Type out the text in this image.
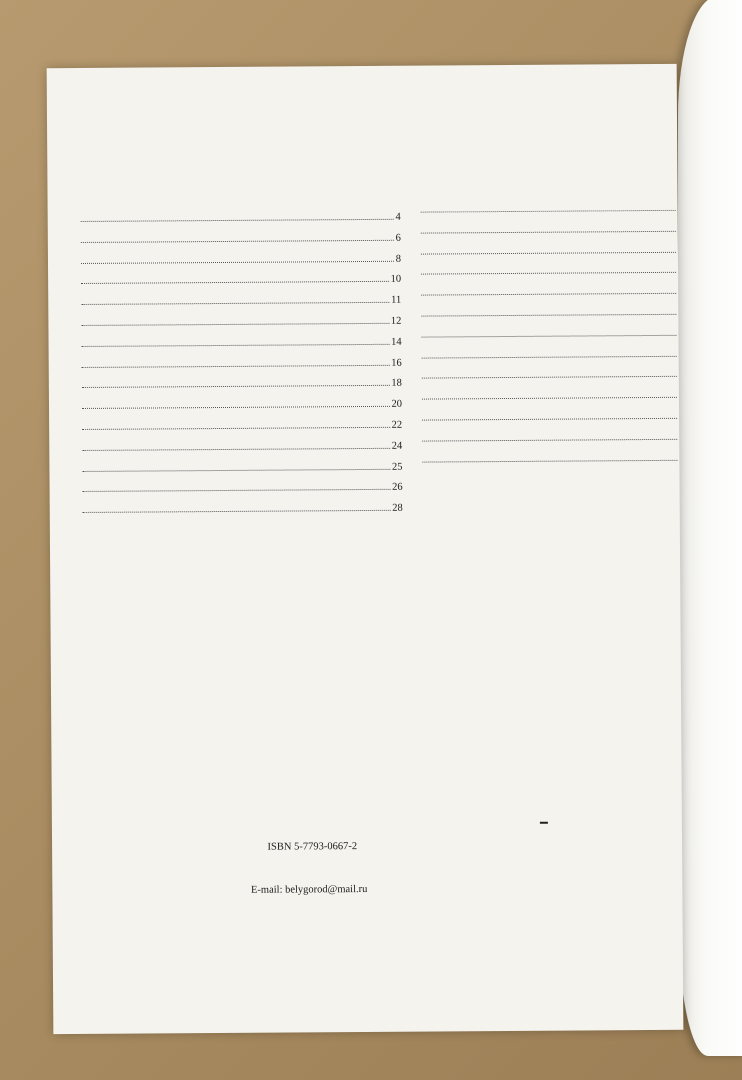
4
6
8
10
11
12
14
16
18
20
22
24
25
26
28
ISBN 5-7793-0667-2
E-mail: belygorod@mail.ru
